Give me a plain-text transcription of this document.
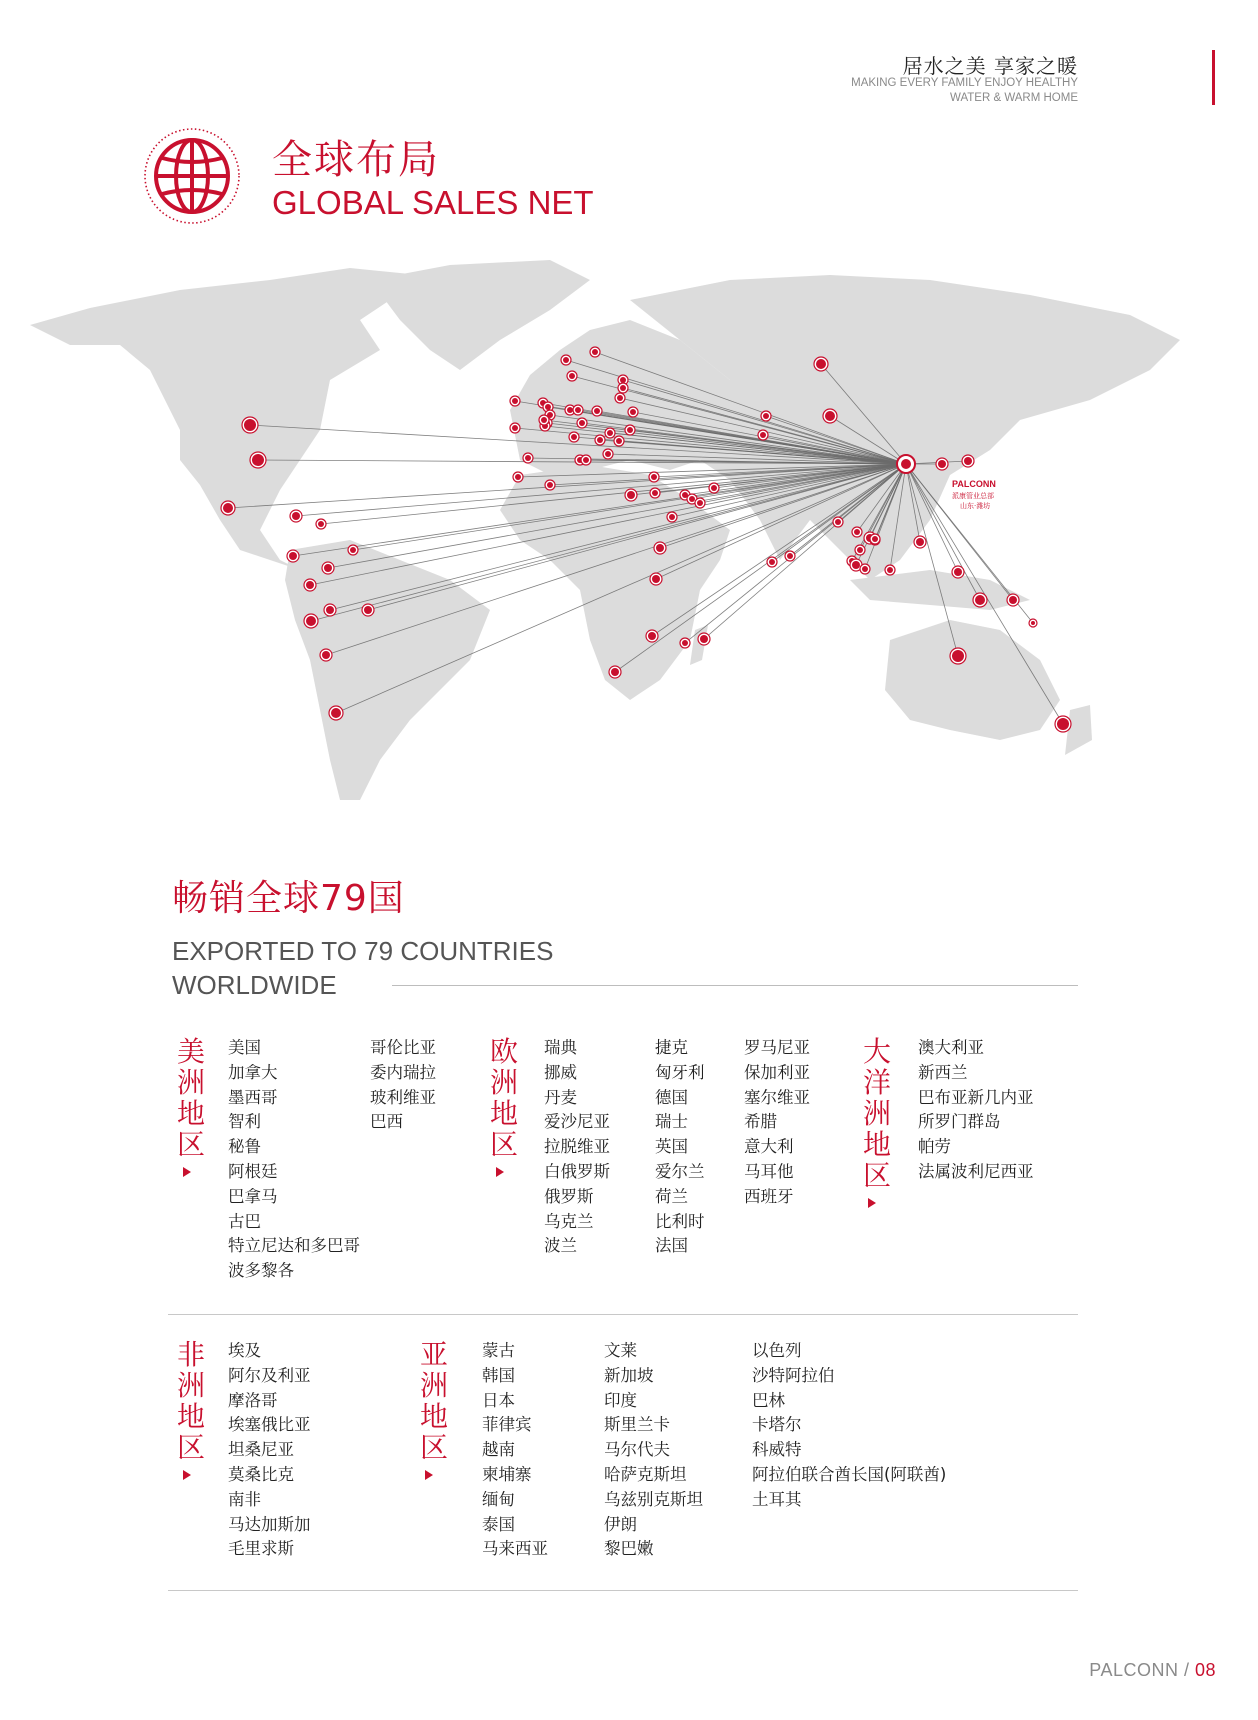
居水之美 享家之暖
MAKING EVERY FAMILY ENJOY HEALTHY
WATER & WARM HOME
全球布局
GLOBAL SALES NET
PALCONN
派康管业总部
山东·潍坊
畅销全球79国
EXPORTED TO 79 COUNTRIES
WORLDWIDE
美
洲
地
区
美国
加拿大
墨西哥
智利
秘鲁
阿根廷
巴拿马
古巴
特立尼达和多巴哥
波多黎各
哥伦比亚
委内瑞拉
玻利维亚
巴西
欧
洲
地
区
瑞典
挪威
丹麦
爱沙尼亚
拉脱维亚
白俄罗斯
俄罗斯
乌克兰
波兰
捷克
匈牙利
德国
瑞士
英国
爱尔兰
荷兰
比利时
法国
罗马尼亚
保加利亚
塞尔维亚
希腊
意大利
马耳他
西班牙
大
洋
洲
地
区
澳大利亚
新西兰
巴布亚新几内亚
所罗门群岛
帕劳
法属波利尼西亚
非
洲
地
区
埃及
阿尔及利亚
摩洛哥
埃塞俄比亚
坦桑尼亚
莫桑比克
南非
马达加斯加
毛里求斯
亚
洲
地
区
蒙古
韩国
日本
菲律宾
越南
柬埔寨
缅甸
泰国
马来西亚
文莱
新加坡
印度
斯里兰卡
马尔代夫
哈萨克斯坦
乌兹别克斯坦
伊朗
黎巴嫩
以色列
沙特阿拉伯
巴林
卡塔尔
科威特
阿拉伯联合酋长国(阿联酋)
土耳其
PALCONN / 08
